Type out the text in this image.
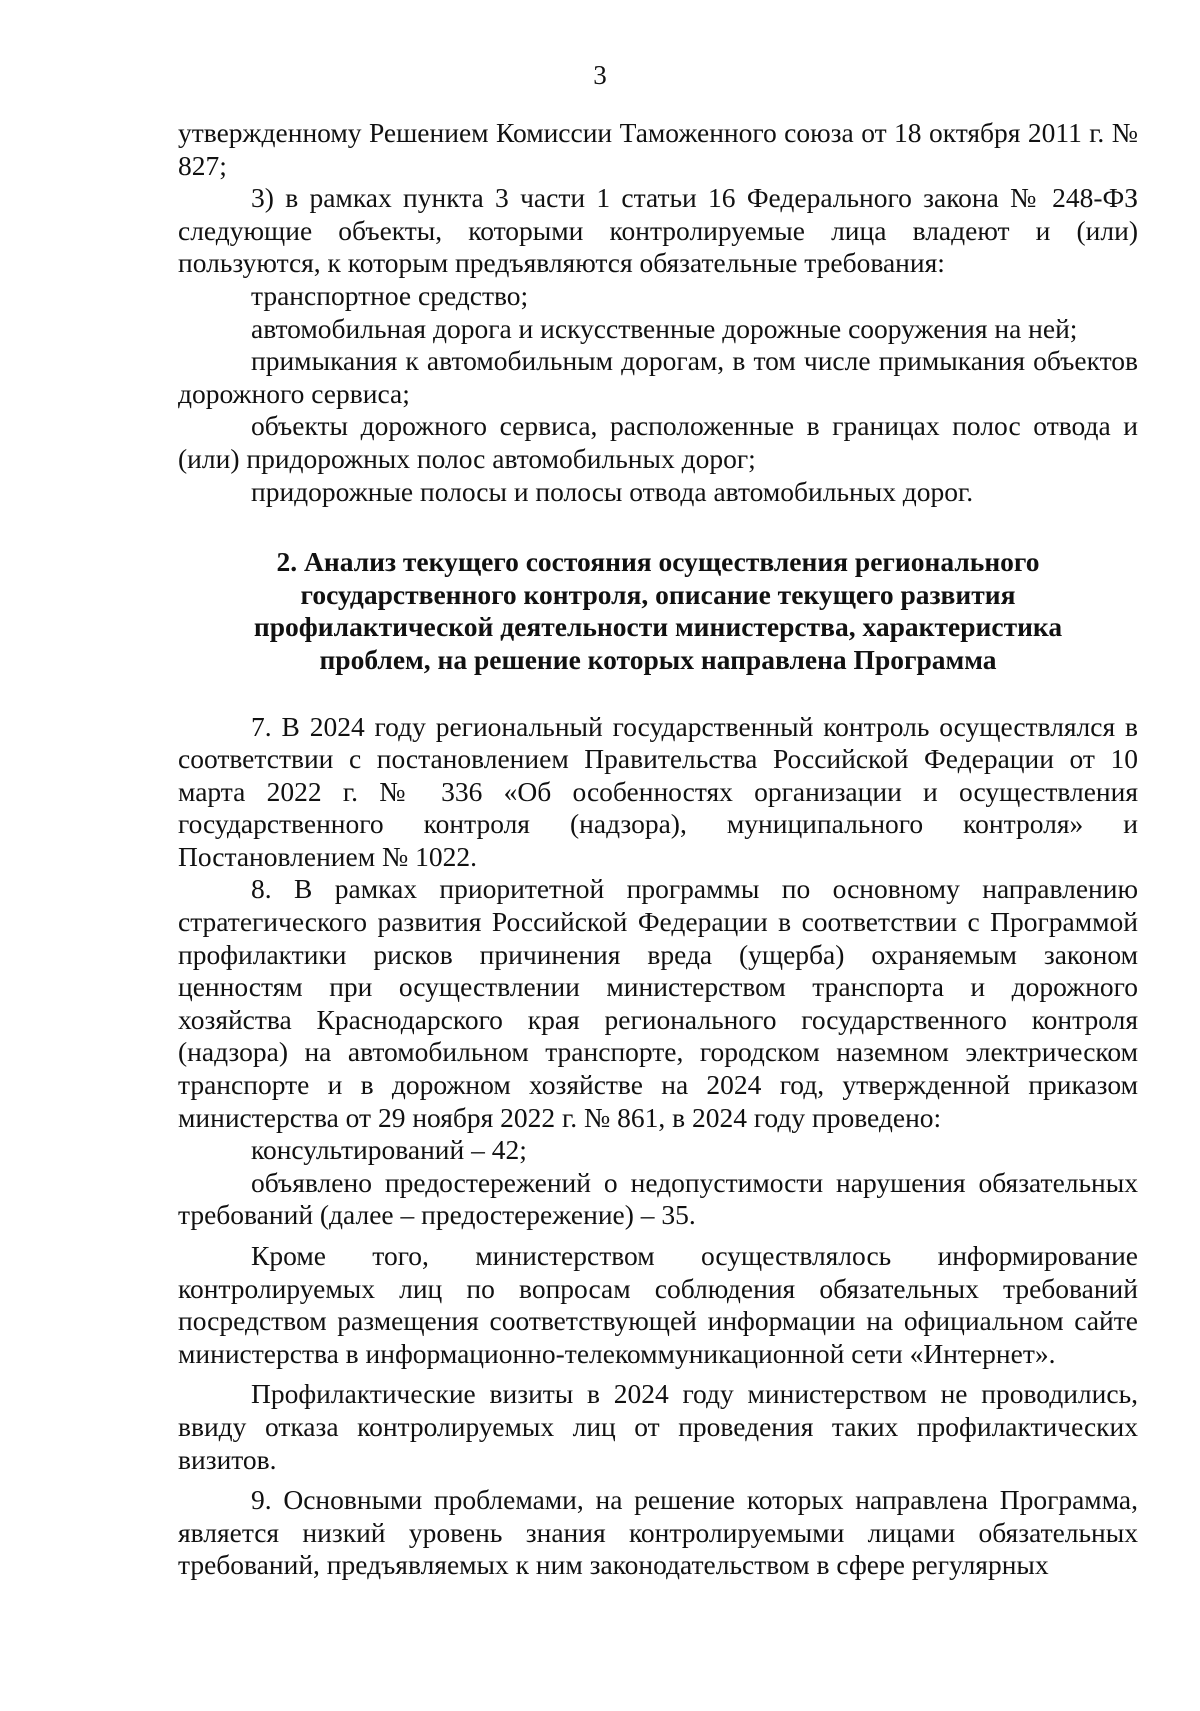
3

утвержденному Решением Комиссии Таможенного союза от 18 октября 2011 г. № 827;

3) в рамках пункта 3 части 1 статьи 16 Федерального закона № 248-ФЗ следующие объекты, которыми контролируемые лица владеют и (или) пользуются, к которым предъявляются обязательные требования:

транспортное средство;

автомобильная дорога и искусственные дорожные сооружения на ней;

примыкания к автомобильным дорогам, в том числе примыкания объектов дорожного сервиса;

объекты дорожного сервиса, расположенные в границах полос отвода и (или) придорожных полос автомобильных дорог;

придорожные полосы и полосы отвода автомобильных дорог.

2. Анализ текущего состояния осуществления регионального государственного контроля, описание текущего развития профилактической деятельности министерства, характеристика проблем, на решение которых направлена Программа

7. В 2024 году региональный государственный контроль осуществлялся в соответствии с постановлением Правительства Российской Федерации от 10 марта 2022 г. № 336 «Об особенностях организации и осуществления государственного контроля (надзора), муниципального контроля» и Постановлением № 1022.

8. В рамках приоритетной программы по основному направлению стратегического развития Российской Федерации в соответствии с Программой профилактики рисков причинения вреда (ущерба) охраняемым законом ценностям при осуществлении министерством транспорта и дорожного хозяйства Краснодарского края регионального государственного контроля (надзора) на автомобильном транспорте, городском наземном электрическом транспорте и в дорожном хозяйстве на 2024 год, утвержденной приказом министерства от 29 ноября 2022 г. № 861, в 2024 году проведено:

консультирований – 42;

объявлено предостережений о недопустимости нарушения обязательных требований (далее – предостережение) – 35.

Кроме того, министерством осуществлялось информирование контролируемых лиц по вопросам соблюдения обязательных требований посредством размещения соответствующей информации на официальном сайте министерства в информационно-телекоммуникационной сети «Интернет».

Профилактические визиты в 2024 году министерством не проводились, ввиду отказа контролируемых лиц от проведения таких профилактических визитов.

9. Основными проблемами, на решение которых направлена Программа, является низкий уровень знания контролируемыми лицами обязательных требований, предъявляемых к ним законодательством в сфере регулярных
